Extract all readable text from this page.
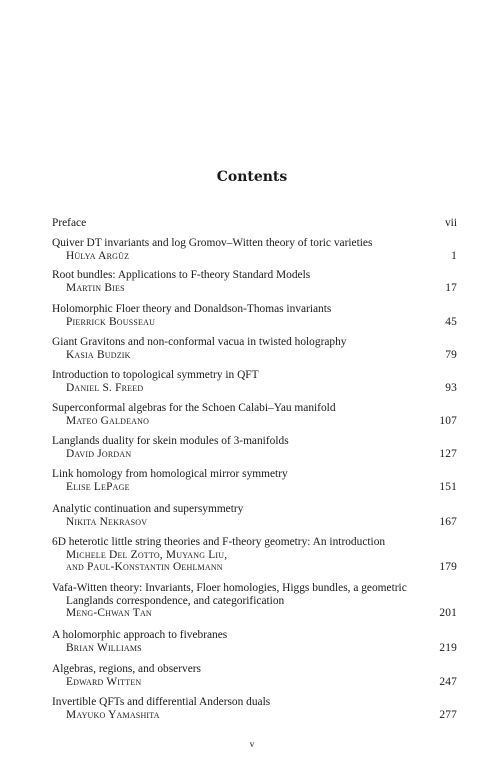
Contents
Preface	vii
Quiver DT invariants and log Gromov–Witten theory of toric varieties
Hülya Argüz	1
Root bundles: Applications to F-theory Standard Models
Martin Bies	17
Holomorphic Floer theory and Donaldson-Thomas invariants
Pierrick Bousseau	45
Giant Gravitons and non-conformal vacua in twisted holography
Kasia Budzik	79
Introduction to topological symmetry in QFT
Daniel S. Freed	93
Superconformal algebras for the Schoen Calabi–Yau manifold
Mateo Galdeano	107
Langlands duality for skein modules of 3-manifolds
David Jordan	127
Link homology from homological mirror symmetry
Elise LePage	151
Analytic continuation and supersymmetry
Nikita Nekrasov	167
6D heterotic little string theories and F-theory geometry: An introduction
Michele Del Zotto, Muyang Liu,
and Paul-Konstantin Oehlmann	179
Vafa-Witten theory: Invariants, Floer homologies, Higgs bundles, a geometric
Langlands correspondence, and categorification
Meng-Chwan Tan	201
A holomorphic approach to fivebranes
Brian Williams	219
Algebras, regions, and observers
Edward Witten	247
Invertible QFTs and differential Anderson duals
Mayuko Yamashita	277
v
